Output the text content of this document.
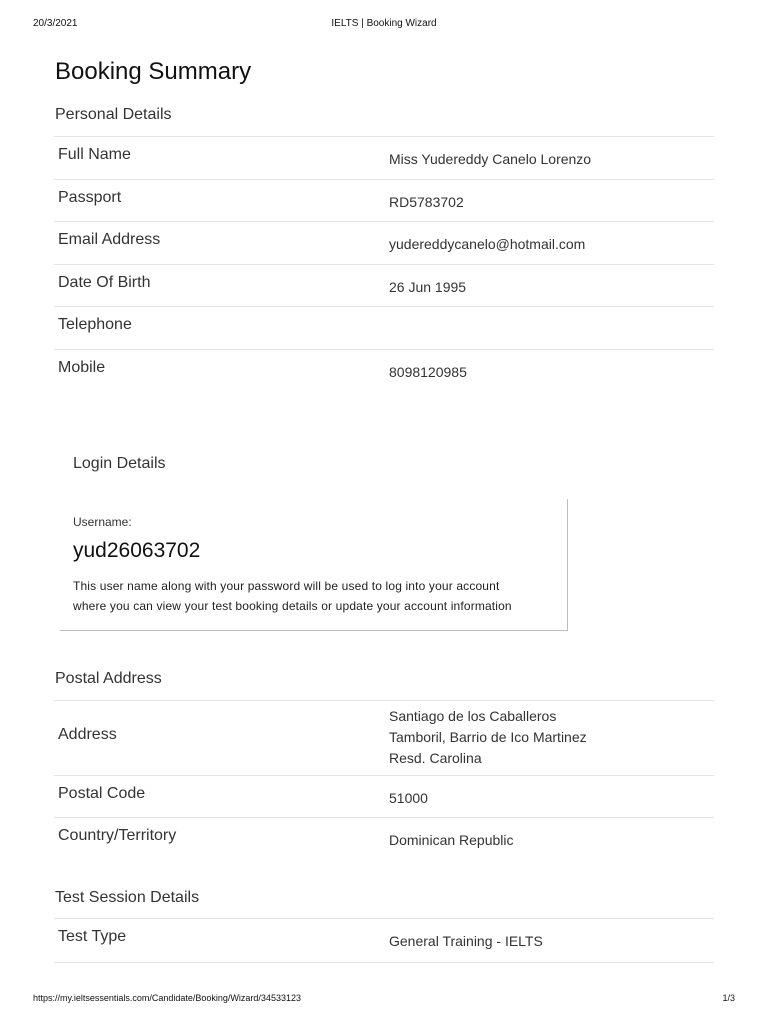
20/3/2021	IELTS | Booking Wizard
Booking Summary
Personal Details
Full Name	Miss Yudereddy Canelo Lorenzo
Passport	RD5783702
Email Address	yudereddycanelo@hotmail.com
Date Of Birth	26 Jun 1995
Telephone
Mobile	8098120985
Login Details
Username:
yud26063702
This user name along with your password will be used to log into your account
where you can view your test booking details or update your account information
Postal Address
Address
Santiago de los Caballeros
Tamboril, Barrio de Ico Martinez
Resd. Carolina
Postal Code	51000
Country/Territory	Dominican Republic
Test Session Details
Test Type	General Training - IELTS
https://my.ieltsessentials.com/Candidate/Booking/Wizard/34533123	1/3
